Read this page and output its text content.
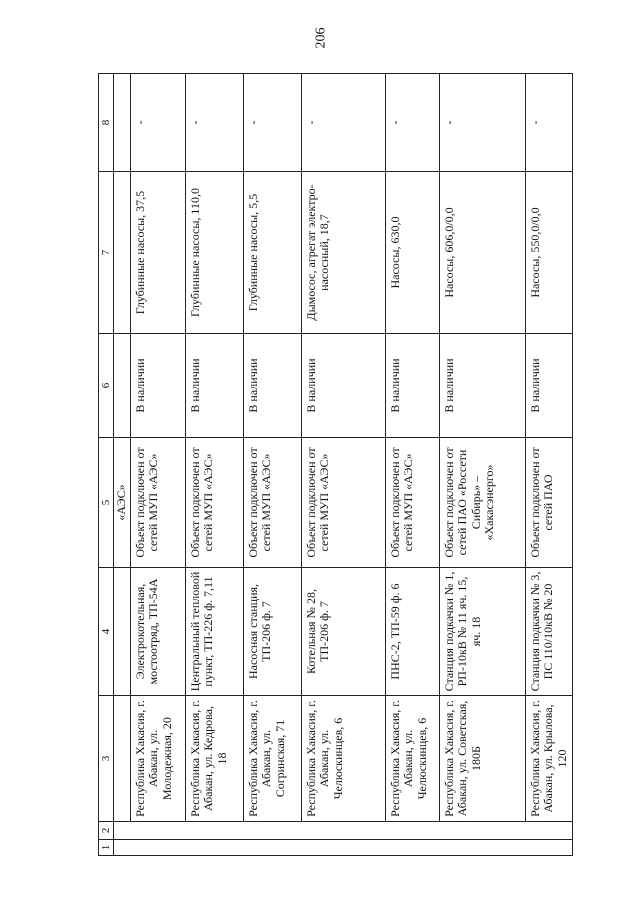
206
1	2	3	4	5	6	7	8
				«АЭС»			
		Республика Хакасия, г. Абакан, ул. Молодежная, 20	Электрокотельная, мостоотряд, ТП-54А	Объект подключен от сетей МУП «АЭС»	В наличии	Глубинные насосы, 37,5	-
		Республика Хакасия, г. Абакан, ул. Кедрова, 18	Центральный тепловой пункт, ТП-226 ф. 7,11	Объект подключен от сетей МУП «АЭС»	В наличии	Глубинные насосы, 110,0	-
		Республика Хакасия, г. Абакан, ул. Согринская, 71	Насосная станция, ТП-206 ф. 7	Объект подключен от сетей МУП «АЭС»	В наличии	Глубинные насосы, 5,5	-
		Республика Хакасия, г. Абакан, ул. Челюскинцев, 6	Котельная № 28, ТП-206 ф. 7	Объект подключен от сетей МУП «АЭС»	В наличии	Дымосос, агрегат электро-насосный, 18,7	-
		Республика Хакасия, г. Абакан, ул. Челюскинцев, 6	ПНС-2, ТП-59 ф. 6	Объект подключен от сетей МУП «АЭС»	В наличии	Насосы, 630,0	-
		Республика Хакасия, г. Абакан, ул. Советская, 180Б	Станция подкачки № 1, РП-10кВ № 11 яч. 15, яч. 18	Объект подключен от сетей ПАО «Россети Сибирь» – «Хакасэнерго»	В наличии	Насосы, 606,0/0,0	-
		Республика Хакасия, г. Абакан, ул. Крылова, 120	Станция подкачки № 3, ПС 110/10кВ № 20	Объект подключен от сетей ПАО	В наличии	Насосы, 550,0/0,0	-
